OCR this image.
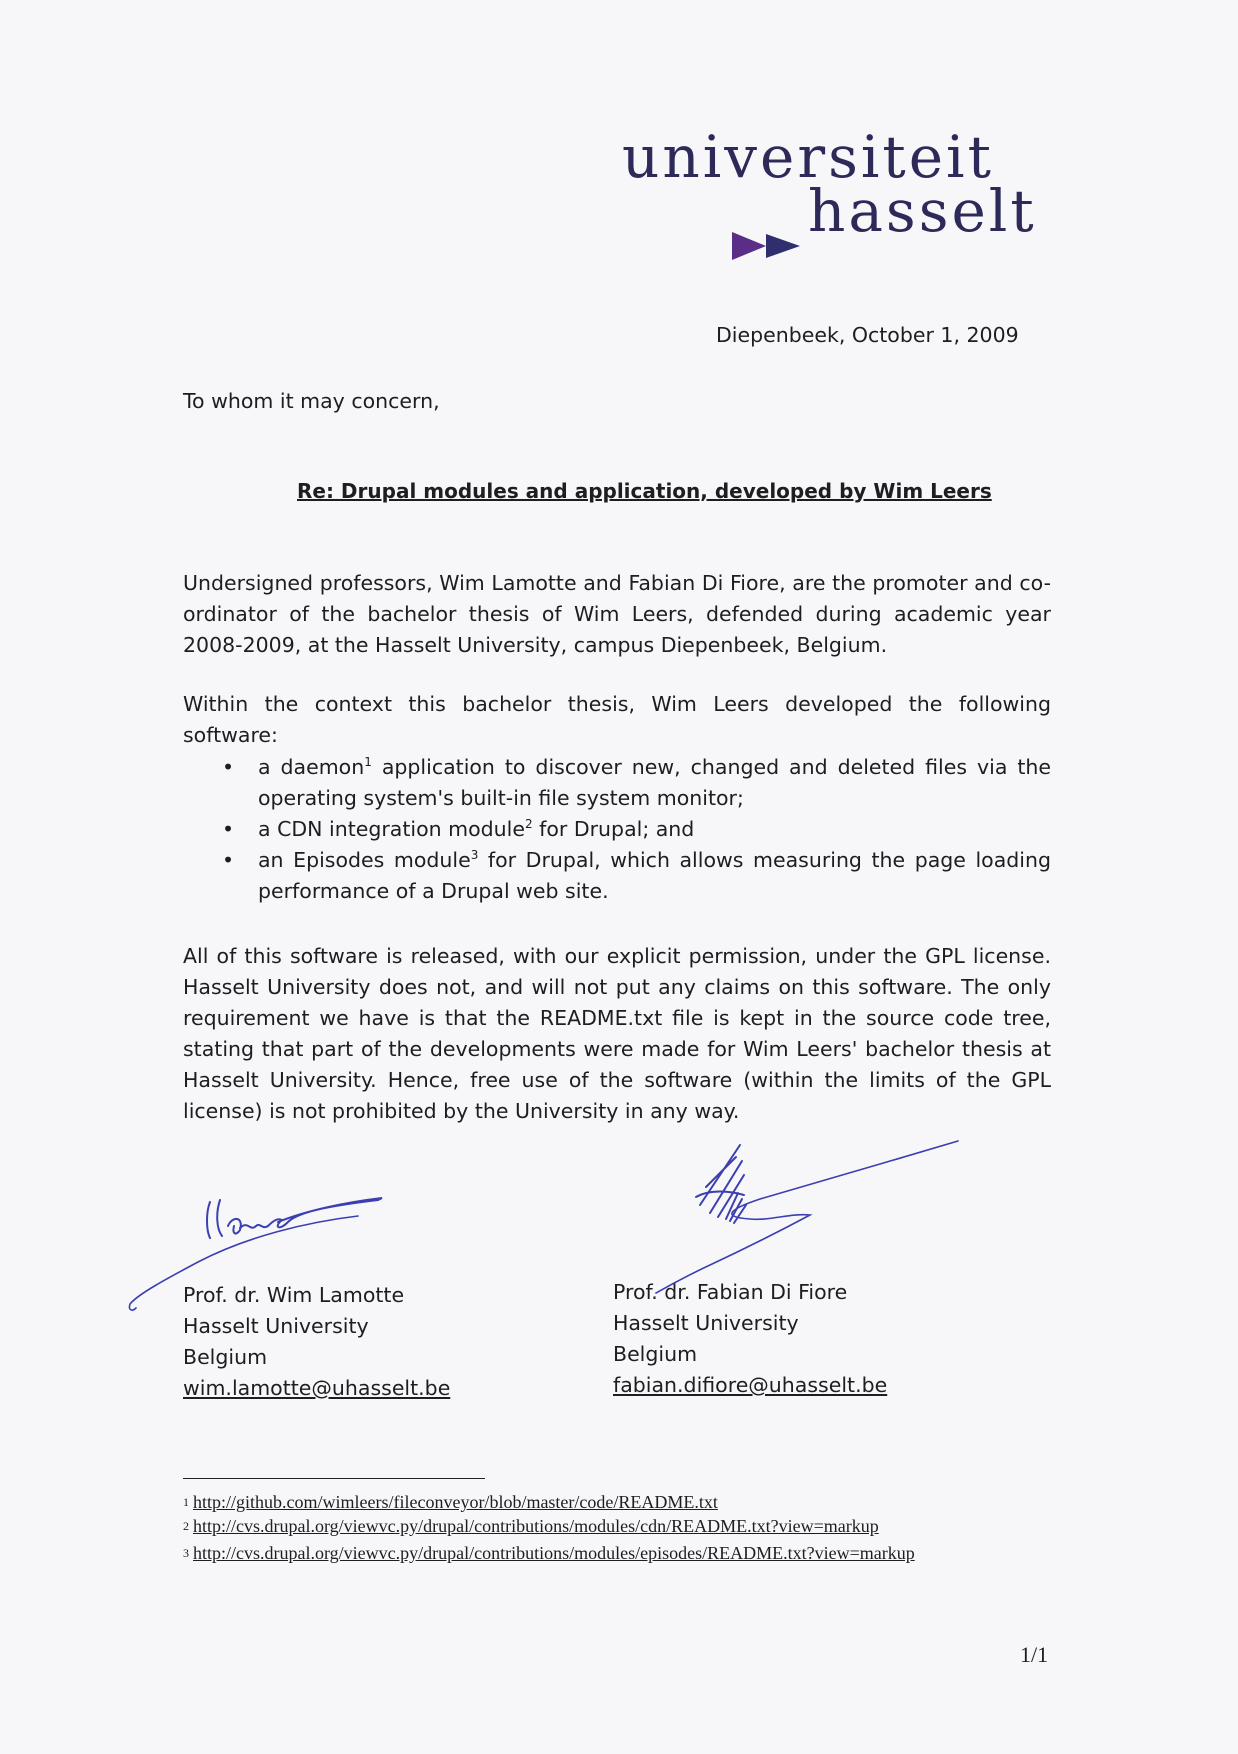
universiteit
hasselt
Diepenbeek, October 1, 2009
To whom it may concern,
Re: Drupal modules and application, developed by Wim Leers
Undersigned professors, Wim Lamotte and Fabian Di Fiore, are the promoter and co-ordinator of the bachelor thesis of Wim Leers, defended during academic year 2008-2009, at the Hasselt University, campus Diepenbeek, Belgium.
Within the context this bachelor thesis, Wim Leers developed the following software:
• a daemon$^1$ application to discover new, changed and deleted files via the operating system's built-in file system monitor;
• a CDN integration module$^2$ for Drupal; and
• an Episodes module$^3$ for Drupal, which allows measuring the page loading performance of a Drupal web site.
All of this software is released, with our explicit permission, under the GPL license. Hasselt University does not, and will not put any claims on this software. The only requirement we have is that the README.txt file is kept in the source code tree, stating that part of the developments were made for Wim Leers' bachelor thesis at Hasselt University. Hence, free use of the software (within the limits of the GPL license) is not prohibited by the University in any way.
Prof. dr. Wim Lamotte
Hasselt University
Belgium
wim.lamotte@uhasselt.be
Prof. dr. Fabian Di Fiore
Hasselt University
Belgium
fabian.difiore@uhasselt.be
$^1$ http://github.com/wimleers/fileconveyor/blob/master/code/README.txt
$^2$ http://cvs.drupal.org/viewvc.py/drupal/contributions/modules/cdn/README.txt?view=markup
$^3$ http://cvs.drupal.org/viewvc.py/drupal/contributions/modules/episodes/README.txt?view=markup
1/1
